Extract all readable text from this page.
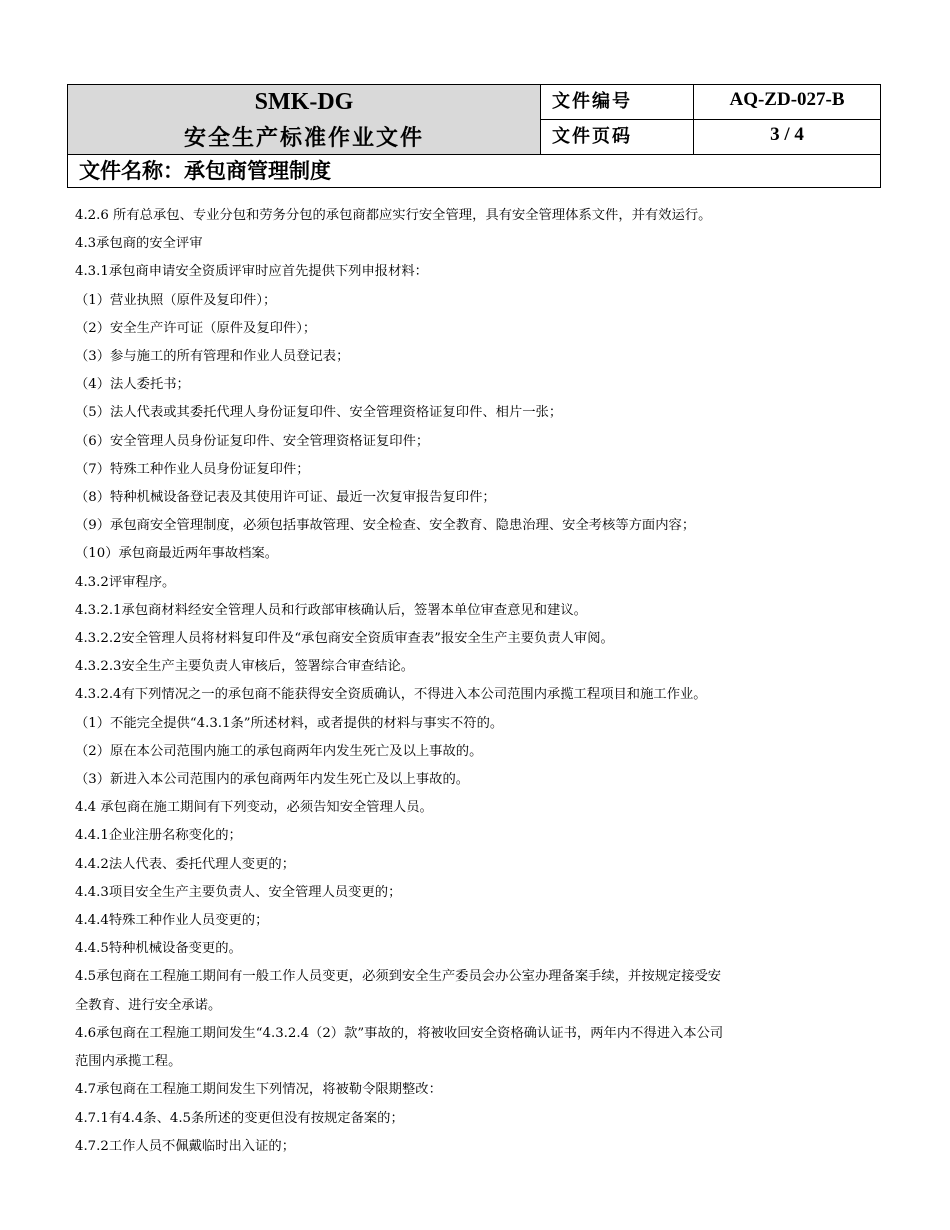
SMK-DG
安全生产标准作业文件
文件编号	AQ-ZD-027-B
文件页码	3 / 4
文件名称：承包商管理制度
4.2.6 所有总承包、专业分包和劳务分包的承包商都应实行安全管理，具有安全管理体系文件，并有效运行。
4.3承包商的安全评审
4.3.1承包商申请安全资质评审时应首先提供下列申报材料：
（1）营业执照（原件及复印件）；
（2）安全生产许可证（原件及复印件）；
（3）参与施工的所有管理和作业人员登记表；
（4）法人委托书；
（5）法人代表或其委托代理人身份证复印件、安全管理资格证复印件、相片一张；
（6）安全管理人员身份证复印件、安全管理资格证复印件；
（7）特殊工种作业人员身份证复印件；
（8）特种机械设备登记表及其使用许可证、最近一次复审报告复印件；
（9）承包商安全管理制度，必须包括事故管理、安全检查、安全教育、隐患治理、安全考核等方面内容；
（10）承包商最近两年事故档案。
4.3.2评审程序。
4.3.2.1承包商材料经安全管理人员和行政部审核确认后，签署本单位审查意见和建议。
4.3.2.2安全管理人员将材料复印件及“承包商安全资质审查表”报安全生产主要负责人审阅。
4.3.2.3安全生产主要负责人审核后，签署综合审查结论。
4.3.2.4有下列情况之一的承包商不能获得安全资质确认，不得进入本公司范围内承揽工程项目和施工作业。
（1）不能完全提供“4.3.1条”所述材料，或者提供的材料与事实不符的。
（2）原在本公司范围内施工的承包商两年内发生死亡及以上事故的。
（3）新进入本公司范围内的承包商两年内发生死亡及以上事故的。
4.4 承包商在施工期间有下列变动，必须告知安全管理人员。
4.4.1企业注册名称变化的；
4.4.2法人代表、委托代理人变更的；
4.4.3项目安全生产主要负责人、安全管理人员变更的；
4.4.4特殊工种作业人员变更的；
4.4.5特种机械设备变更的。
4.5承包商在工程施工期间有一般工作人员变更，必须到安全生产委员会办公室办理备案手续，并按规定接受安
全教育、进行安全承诺。
4.6承包商在工程施工期间发生“4.3.2.4（2）款”事故的，将被收回安全资格确认证书，两年内不得进入本公司
范围内承揽工程。
4.7承包商在工程施工期间发生下列情况，将被勒令限期整改：
4.7.1有4.4条、4.5条所述的变更但没有按规定备案的；
4.7.2工作人员不佩戴临时出入证的；
